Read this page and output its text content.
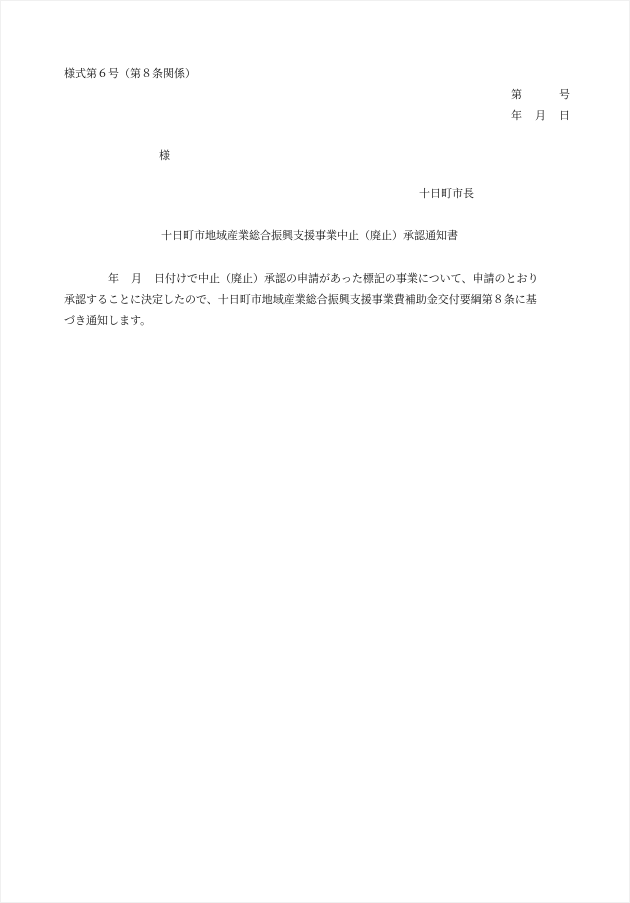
様式第６号（第８条関係）
第	号
年 月 日
様
十日町市長
十日町市地域産業総合振興支援事業中止（廃止）承認通知書
年 月 日付けで中止（廃止）承認の申請があった標記の事業について、申請のとおり
承認することに決定したので、十日町市地域産業総合振興支援事業費補助金交付要綱第８条に基
づき通知します。
